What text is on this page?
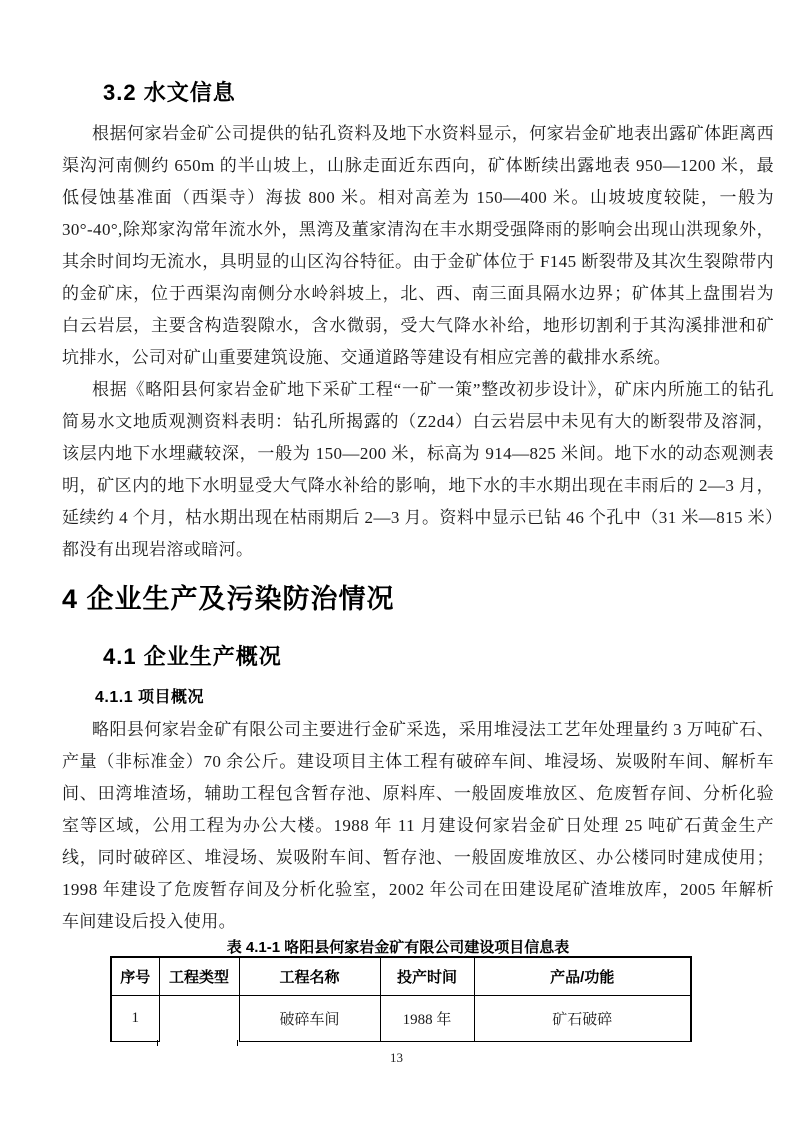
3.2 水文信息

根据何家岩金矿公司提供的钻孔资料及地下水资料显示，何家岩金矿地表出露矿体距离西渠沟河南侧约 650m 的半山坡上，山脉走面近东西向，矿体断续出露地表 950—1200 米，最低侵蚀基准面（西渠寺）海拔 800 米。相对高差为 150—400 米。山坡坡度较陡，一般为 30°-40°,除郑家沟常年流水外，黑湾及董家清沟在丰水期受强降雨的影响会出现山洪现象外，其余时间均无流水，具明显的山区沟谷特征。由于金矿体位于 F145 断裂带及其次生裂隙带内的金矿床，位于西渠沟南侧分水岭斜坡上，北、西、南三面具隔水边界；矿体其上盘围岩为白云岩层，主要含构造裂隙水，含水微弱，受大气降水补给，地形切割利于其沟溪排泄和矿坑排水，公司对矿山重要建筑设施、交通道路等建设有相应完善的截排水系统。

根据《略阳县何家岩金矿地下采矿工程“一矿一策”整改初步设计》，矿床内所施工的钻孔简易水文地质观测资料表明：钻孔所揭露的（Z2d4）白云岩层中未见有大的断裂带及溶洞，该层内地下水埋藏较深，一般为 150—200 米，标高为 914—825 米间。地下水的动态观测表明，矿区内的地下水明显受大气降水补给的影响，地下水的丰水期出现在丰雨后的 2—3 月，延续约 4 个月，枯水期出现在枯雨期后 2—3 月。资料中显示已钻 46 个孔中（31 米—815 米）都没有出现岩溶或暗河。

4 企业生产及污染防治情况
4.1 企业生产概况
4.1.1 项目概况

略阳县何家岩金矿有限公司主要进行金矿采选，采用堆浸法工艺年处理量约 3 万吨矿石、产量（非标准金）70 余公斤。建设项目主体工程有破碎车间、堆浸场、炭吸附车间、解析车间、田湾堆渣场，辅助工程包含暂存池、原料库、一般固废堆放区、危废暂存间、分析化验室等区域，公用工程为办公大楼。1988 年 11 月建设何家岩金矿日处理 25 吨矿石黄金生产线，同时破碎区、堆浸场、炭吸附车间、暂存池、一般固废堆放区、办公楼同时建成使用；1998 年建设了危废暂存间及分析化验室，2002 年公司在田建设尾矿渣堆放库，2005 年解析车间建设后投入使用。

表 4.1-1 咯阳县何家岩金矿有限公司建设项目信息表
序号	工程类型	工程名称	投产时间	产品/功能
1		破碎车间	1988 年	矿石破碎
13
